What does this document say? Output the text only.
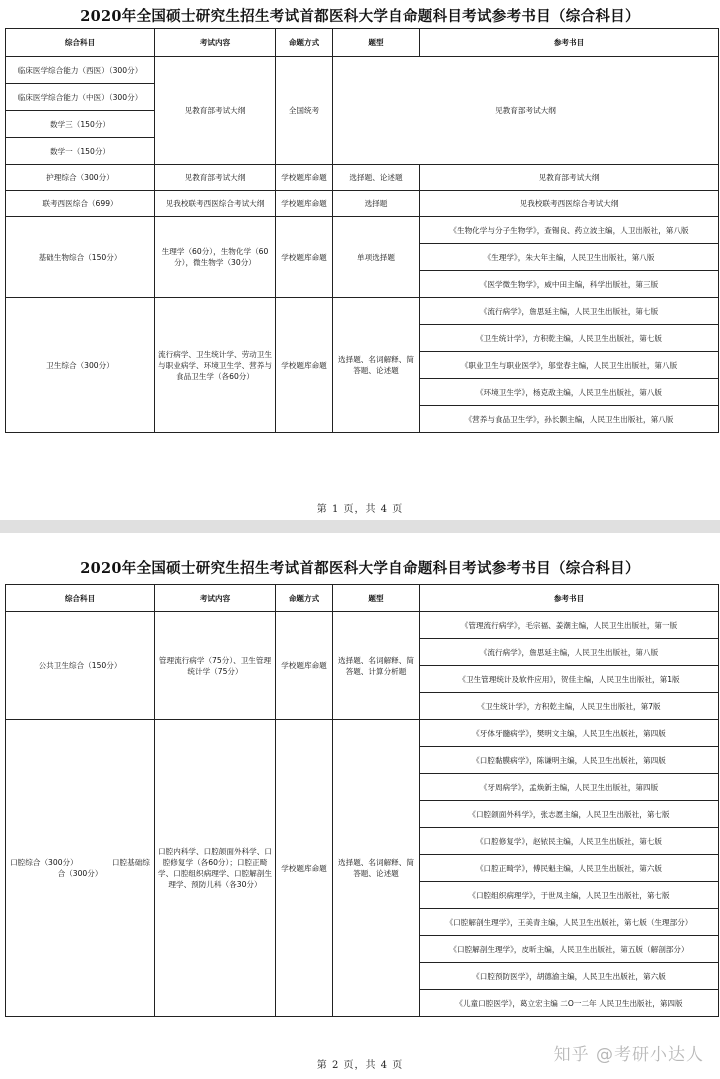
2020年全国硕士研究生招生考试首都医科大学自命题科目考试参考书目（综合科目）
综合科目	考试内容	命题方式	题型	参考书目
临床医学综合能力（西医）（300分）	见教育部考试大纲	全国统考	见教育部考试大纲	
临床医学综合能力（中医）（300分）				
数学三（150分）				
数学一（150分）				
护理综合（300分）	见教育部考试大纲	学校题库命题	选择题、论述题	见教育部考试大纲
联考西医综合（699）	见我校联考西医综合考试大纲	学校题库命题	选择题	见我校联考西医综合考试大纲
基础生物综合（150分）	生理学（60分），生物化学（60分），微生物学（30分）	学校题库命题	单项选择题	《生物化学与分子生物学》，查锡良、药立波主编，人卫出版社，第八版
				《生理学》，朱大年主编，人民卫生出版社，第八版
				《医学微生物学》，威中田主编，科学出版社，第三版
卫生综合（300分）	流行病学、卫生统计学、劳动卫生与职业病学、环境卫生学、营养与食品卫生学（各60分）	学校题库命题	选择题、名词解释、简答题、论述题	《流行病学》，詹思延主编，人民卫生出版社，第七版
				《卫生统计学》，方积乾主编，人民卫生出版社，第七版
				《职业卫生与职业医学》，邬堂春主编，人民卫生出版社，第八版
				《环境卫生学》，杨克敌主编，人民卫生出版社，第八版
				《营养与食品卫生学》，孙长颢主编，人民卫生出版社，第八版
第 1 页，共 4 页
2020年全国硕士研究生招生考试首都医科大学自命题科目考试参考书目（综合科目）
综合科目	考试内容	命题方式	题型	参考书目
公共卫生综合（150分）	管理流行病学（75分）、卫生管理统计学（75分）	学校题库命题	选择题、名词解释、简答题、计算分析题	《管理流行病学》，毛宗福、姜潮主编，人民卫生出版社，第一版
				《流行病学》，詹思延主编，人民卫生出版社，第八版
				《卫生管理统计及软件应用》，贺佳主编，人民卫生出版社，第1版
				《卫生统计学》，方积乾主编，人民卫生出版社，第7版
口腔综合（300分）　　　　　口腔基础综合（300分）	口腔内科学、口腔颌面外科学、口腔修复学（各60分）；口腔正畸学、口腔组织病理学、口腔解剖生理学、预防儿科（各30分）	学校题库命题	选择题、名词解释、简答题、论述题	《牙体牙髓病学》，樊明文主编，人民卫生出版社，第四版
				《口腔黏膜病学》，陈谦明主编，人民卫生出版社，第四版
				《牙周病学》，孟焕新主编，人民卫生出版社，第四版
				《口腔颌面外科学》，张志愿主编，人民卫生出版社，第七版
				《口腔修复学》，赵铱民主编，人民卫生出版社，第七版
				《口腔正畸学》，傅民魁主编，人民卫生出版社，第六版
				《口腔组织病理学》，于世凤主编，人民卫生出版社，第七版
				《口腔解剖生理学》，王美青主编，人民卫生出版社，第七版（生理部分）
				《口腔解剖生理学》，皮昕主编，人民卫生出版社，第五版（解剖部分）
				《口腔预防医学》，胡德渝主编，人民卫生出版社，第六版
				《儿童口腔医学》，葛立宏主编 二O一二年 人民卫生出版社，第四版
第 2 页，共 4 页
知乎 @考研小达人
